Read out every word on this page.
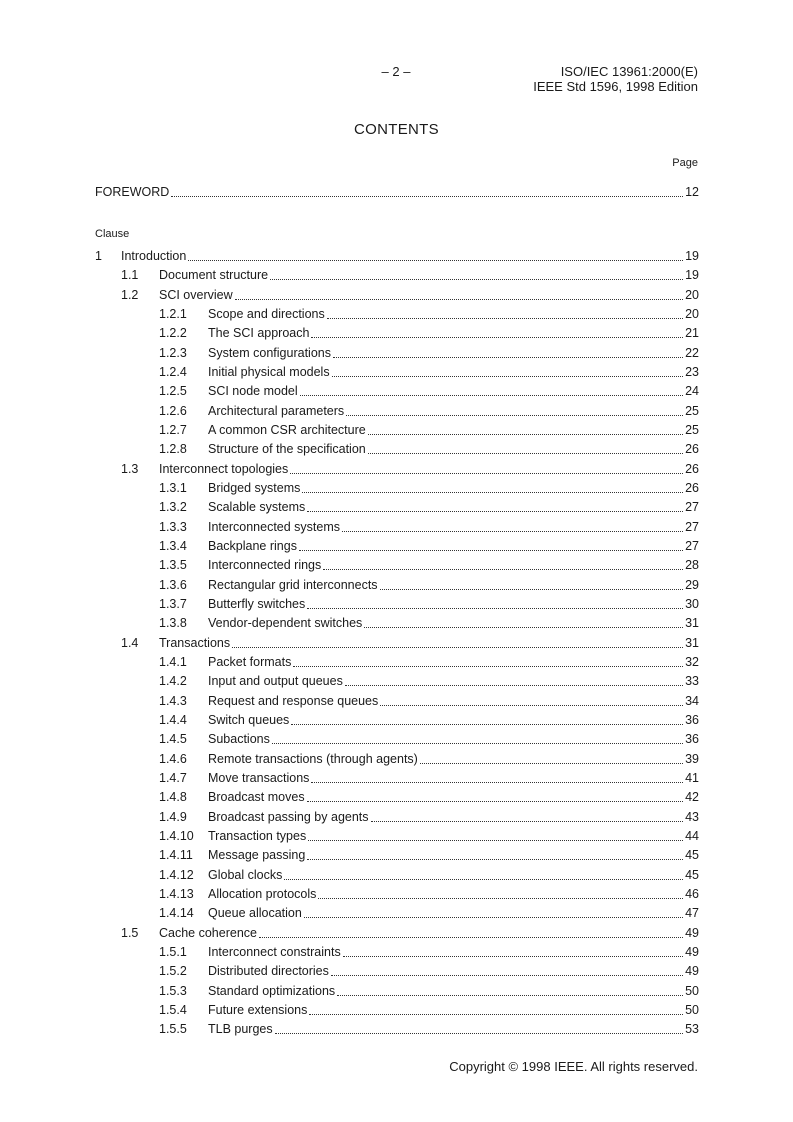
– 2 –	ISO/IEC 13961:2000(E)
IEEE Std 1596, 1998 Edition
CONTENTS
Page
Clause
FOREWORD	12
1 Introduction	19
1.1 Document structure	19
1.2 SCI overview	20
1.2.1 Scope and directions	20
1.2.2 The SCI approach	21
1.2.3 System configurations	22
1.2.4 Initial physical models	23
1.2.5 SCI node model	24
1.2.6 Architectural parameters	25
1.2.7 A common CSR architecture	25
1.2.8 Structure of the specification	26
1.3 Interconnect topologies	26
1.3.1 Bridged systems	26
1.3.2 Scalable systems	27
1.3.3 Interconnected systems	27
1.3.4 Backplane rings	27
1.3.5 Interconnected rings	28
1.3.6 Rectangular grid interconnects	29
1.3.7 Butterfly switches	30
1.3.8 Vendor-dependent switches	31
1.4 Transactions	31
1.4.1 Packet formats	32
1.4.2 Input and output queues	33
1.4.3 Request and response queues	34
1.4.4 Switch queues	36
1.4.5 Subactions	36
1.4.6 Remote transactions (through agents)	39
1.4.7 Move transactions	41
1.4.8 Broadcast moves	42
1.4.9 Broadcast passing by agents	43
1.4.10 Transaction types	44
1.4.11 Message passing	45
1.4.12 Global clocks	45
1.4.13 Allocation protocols	46
1.4.14 Queue allocation	47
1.5 Cache coherence	49
1.5.1 Interconnect constraints	49
1.5.2 Distributed directories	49
1.5.3 Standard optimizations	50
1.5.4 Future extensions	50
1.5.5 TLB purges	53
Copyright © 1998 IEEE. All rights reserved.
